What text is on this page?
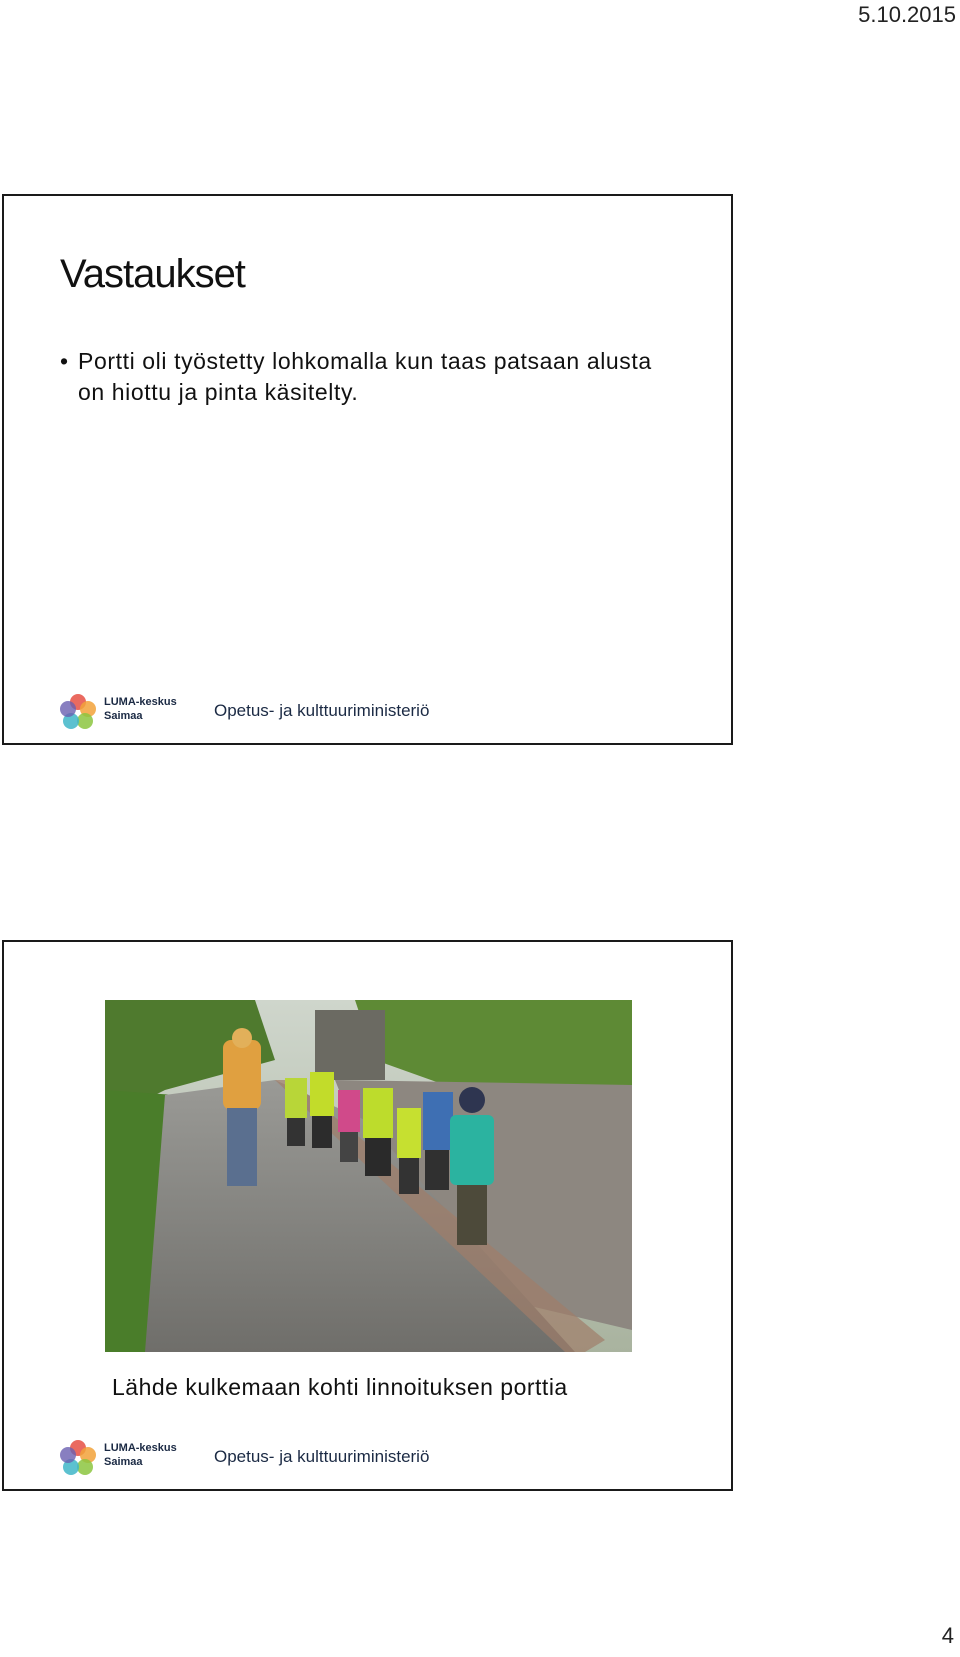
5.10.2015
Vastaukset
• Portti oli työstetty lohkomalla kun taas patsaan alusta on hiottu ja pinta käsitelty.
LUMA-keskus
Saimaa	Opetus- ja kulttuuriministeriö
Lähde kulkemaan kohti linnoituksen porttia
LUMA-keskus
Saimaa	Opetus- ja kulttuuriministeriö
4
